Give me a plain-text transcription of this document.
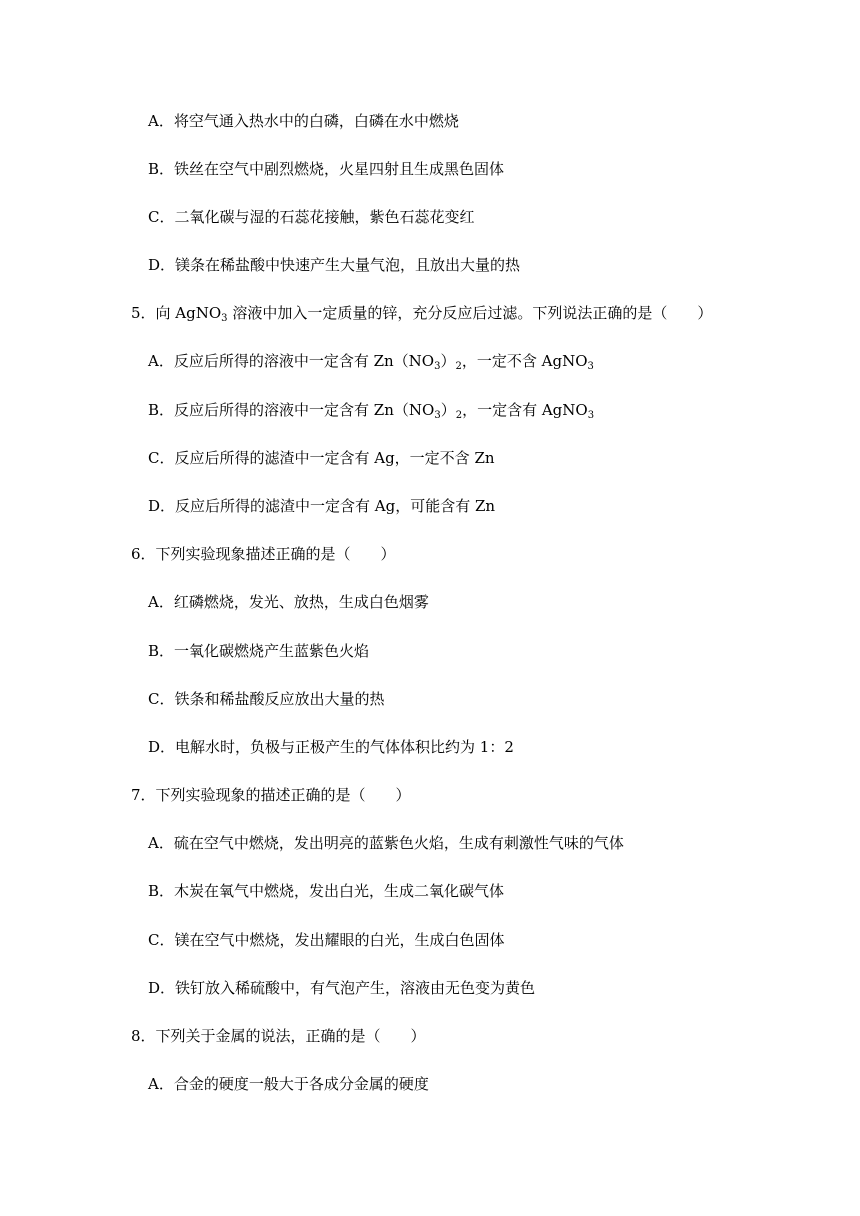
A．将空气通入热水中的白磷，白磷在水中燃烧
B．铁丝在空气中剧烈燃烧，火星四射且生成黑色固体
C．二氧化碳与湿的石蕊花接触，紫色石蕊花变红
D．镁条在稀盐酸中快速产生大量气泡，且放出大量的热
5．向 AgNO$_3$ 溶液中加入一定质量的锌，充分反应后过滤。下列说法正确的是（　　）
A．反应后所得的溶液中一定含有 $Zn(NO_3)_2$，一定不含 AgNO$_3$
B．反应后所得的溶液中一定含有 $Zn(NO_3)_2$，一定含有 AgNO$_3$
C．反应后所得的滤渣中一定含有 Ag，一定不含 Zn
D．反应后所得的滤渣中一定含有 Ag，可能含有 Zn
6．下列实验现象描述正确的是（　　）
A．红磷燃烧，发光、放热，生成白色烟雾
B．一氧化碳燃烧产生蓝紫色火焰
C．铁条和稀盐酸反应放出大量的热
D．电解水时，负极与正极产生的气体体积比约为 1：2
7．下列实验现象的描述正确的是（　　）
A．硫在空气中燃烧，发出明亮的蓝紫色火焰，生成有刺激性气味的气体
B．木炭在氧气中燃烧，发出白光，生成二氧化碳气体
C．镁在空气中燃烧，发出耀眼的白光，生成白色固体
D．铁钉放入稀硫酸中，有气泡产生，溶液由无色变为黄色
8．下列关于金属的说法，正确的是（　　）
A．合金的硬度一般大于各成分金属的硬度
